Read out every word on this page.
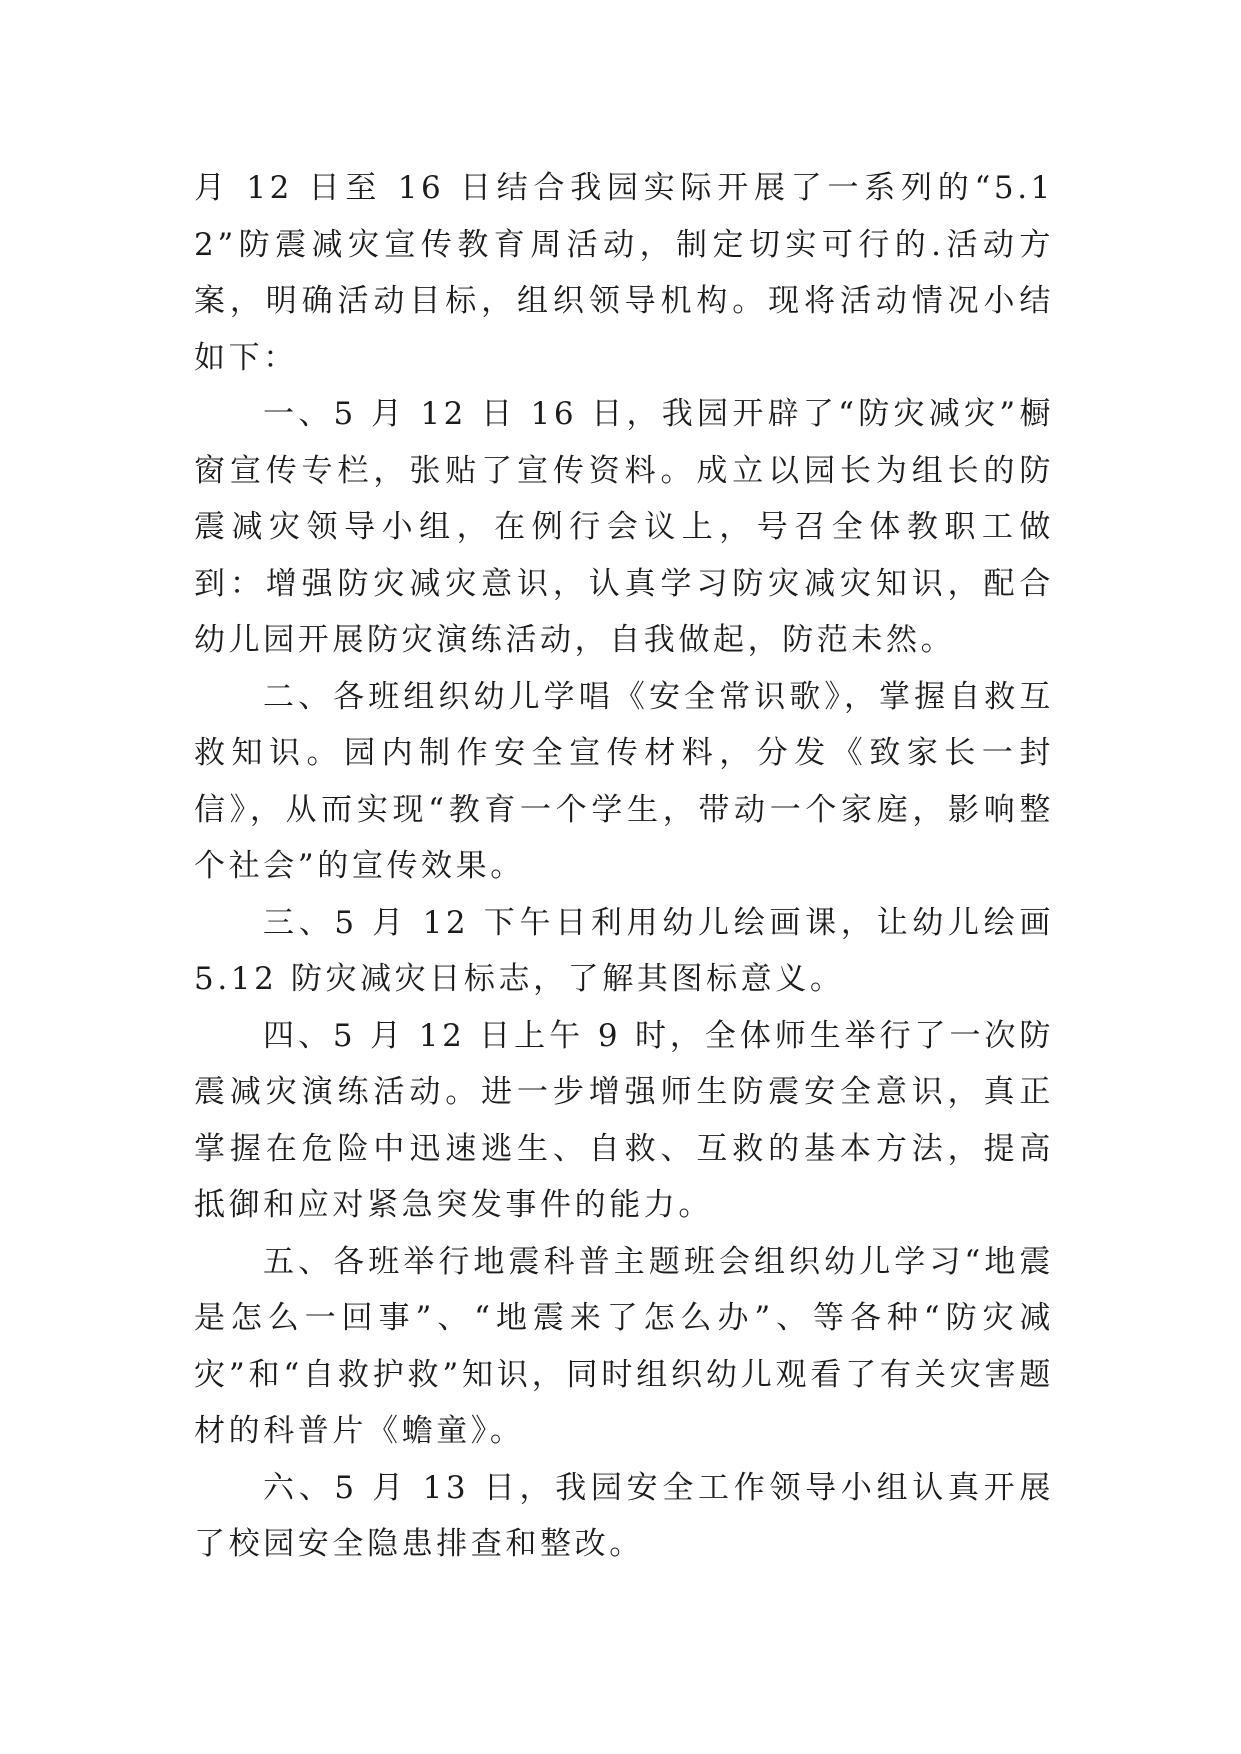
月 12 日至 16 日结合我园实际开展了一系列的“5.12”防震减灾宣传教育周活动，制定切实可行的.活动方案，明确活动目标，组织领导机构。现将活动情况小结如下：

一、5 月 12 日 16 日，我园开辟了“防灾减灾”橱窗宣传专栏，张贴了宣传资料。成立以园长为组长的防震减灾领导小组，在例行会议上，号召全体教职工做到：增强防灾减灾意识，认真学习防灾减灾知识，配合幼儿园开展防灾演练活动，自我做起，防范未然。

二、各班组织幼儿学唱《安全常识歌》，掌握自救互救知识。园内制作安全宣传材料，分发《致家长一封信》，从而实现“教育一个学生，带动一个家庭，影响整个社会”的宣传效果。

三、5 月 12 下午日利用幼儿绘画课，让幼儿绘画 5.12 防灾减灾日标志，了解其图标意义。

四、5 月 12 日上午 9 时，全体师生举行了一次防震减灾演练活动。进一步增强师生防震安全意识，真正掌握在危险中迅速逃生、自救、互救的基本方法，提高抵御和应对紧急突发事件的能力。

五、各班举行地震科普主题班会组织幼儿学习“地震是怎么一回事”、“地震来了怎么办”、等各种“防灾减灾”和“自救护救”知识，同时组织幼儿观看了有关灾害题材的科普片《蟾童》。

六、5 月 13 日，我园安全工作领导小组认真开展了校园安全隐患排查和整改。
